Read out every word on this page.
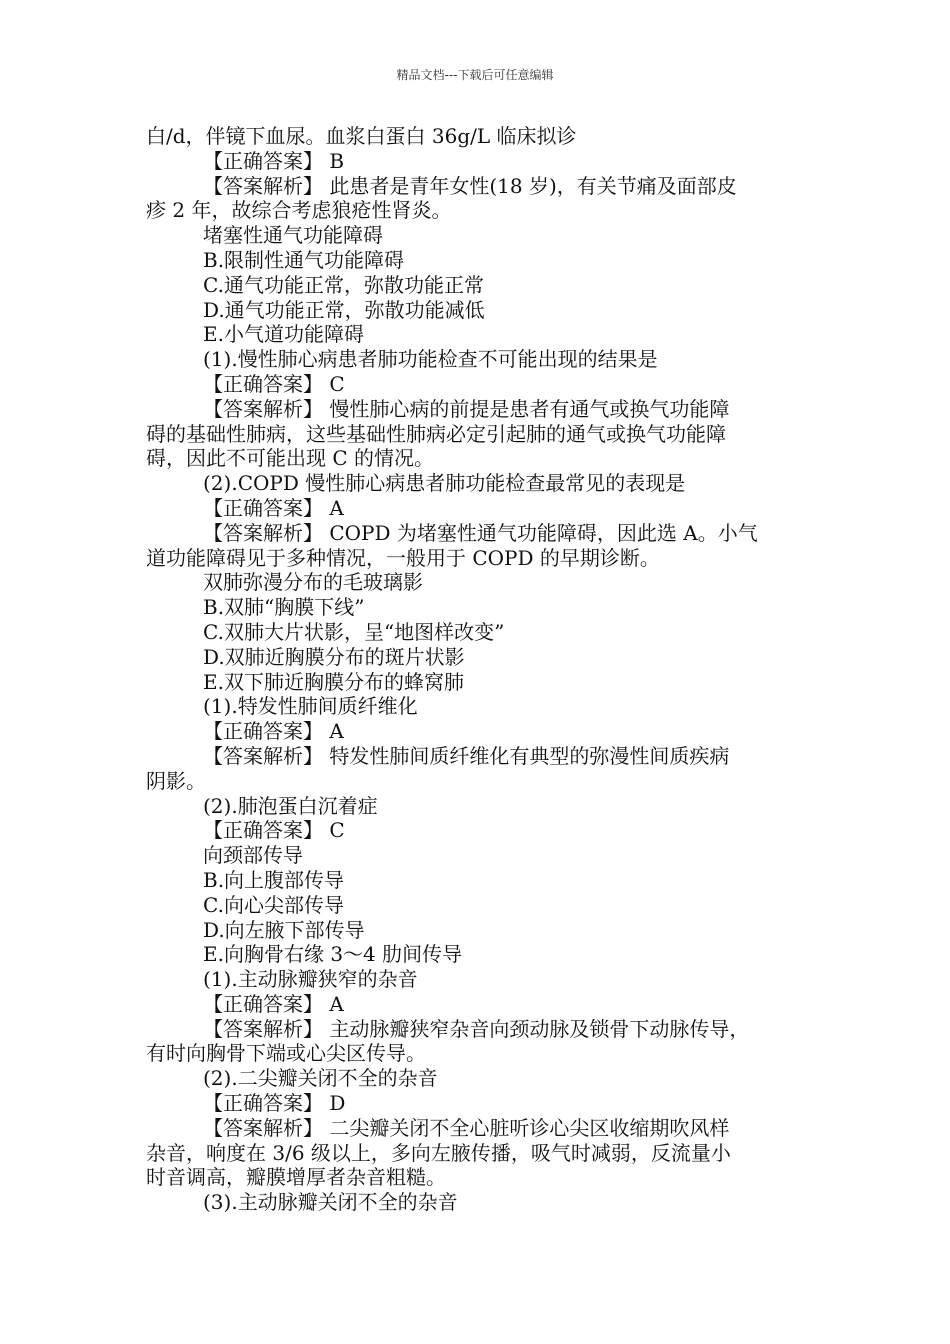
精品文档---下载后可任意编辑
白/d，伴镜下血尿。血浆白蛋白 36g/L 临床拟诊
【正确答案】 B
【答案解析】 此患者是青年女性(18 岁)，有关节痛及面部皮
疹 2 年，故综合考虑狼疮性肾炎。
堵塞性通气功能障碍
B.限制性通气功能障碍
C.通气功能正常，弥散功能正常
D.通气功能正常，弥散功能减低
E.小气道功能障碍
(1).慢性肺心病患者肺功能检查不可能出现的结果是
【正确答案】 C
【答案解析】 慢性肺心病的前提是患者有通气或换气功能障
碍的基础性肺病，这些基础性肺病必定引起肺的通气或换气功能障
碍，因此不可能出现 C 的情况。
(2).COPD 慢性肺心病患者肺功能检查最常见的表现是
【正确答案】 A
【答案解析】 COPD 为堵塞性通气功能障碍，因此选 A。小气
道功能障碍见于多种情况，一般用于 COPD 的早期诊断。
双肺弥漫分布的毛玻璃影
B.双肺“胸膜下线”
C.双肺大片状影，呈“地图样改变”
D.双肺近胸膜分布的斑片状影
E.双下肺近胸膜分布的蜂窝肺
(1).特发性肺间质纤维化
【正确答案】 A
【答案解析】 特发性肺间质纤维化有典型的弥漫性间质疾病
阴影。
(2).肺泡蛋白沉着症
【正确答案】 C
向颈部传导
B.向上腹部传导
C.向心尖部传导
D.向左腋下部传导
E.向胸骨右缘 3～4 肋间传导
(1).主动脉瓣狭窄的杂音
【正确答案】 A
【答案解析】 主动脉瓣狭窄杂音向颈动脉及锁骨下动脉传导，
有时向胸骨下端或心尖区传导。
(2).二尖瓣关闭不全的杂音
【正确答案】 D
【答案解析】 二尖瓣关闭不全心脏听诊心尖区收缩期吹风样
杂音，响度在 3/6 级以上，多向左腋传播，吸气时减弱，反流量小
时音调高，瓣膜增厚者杂音粗糙。
(3).主动脉瓣关闭不全的杂音
